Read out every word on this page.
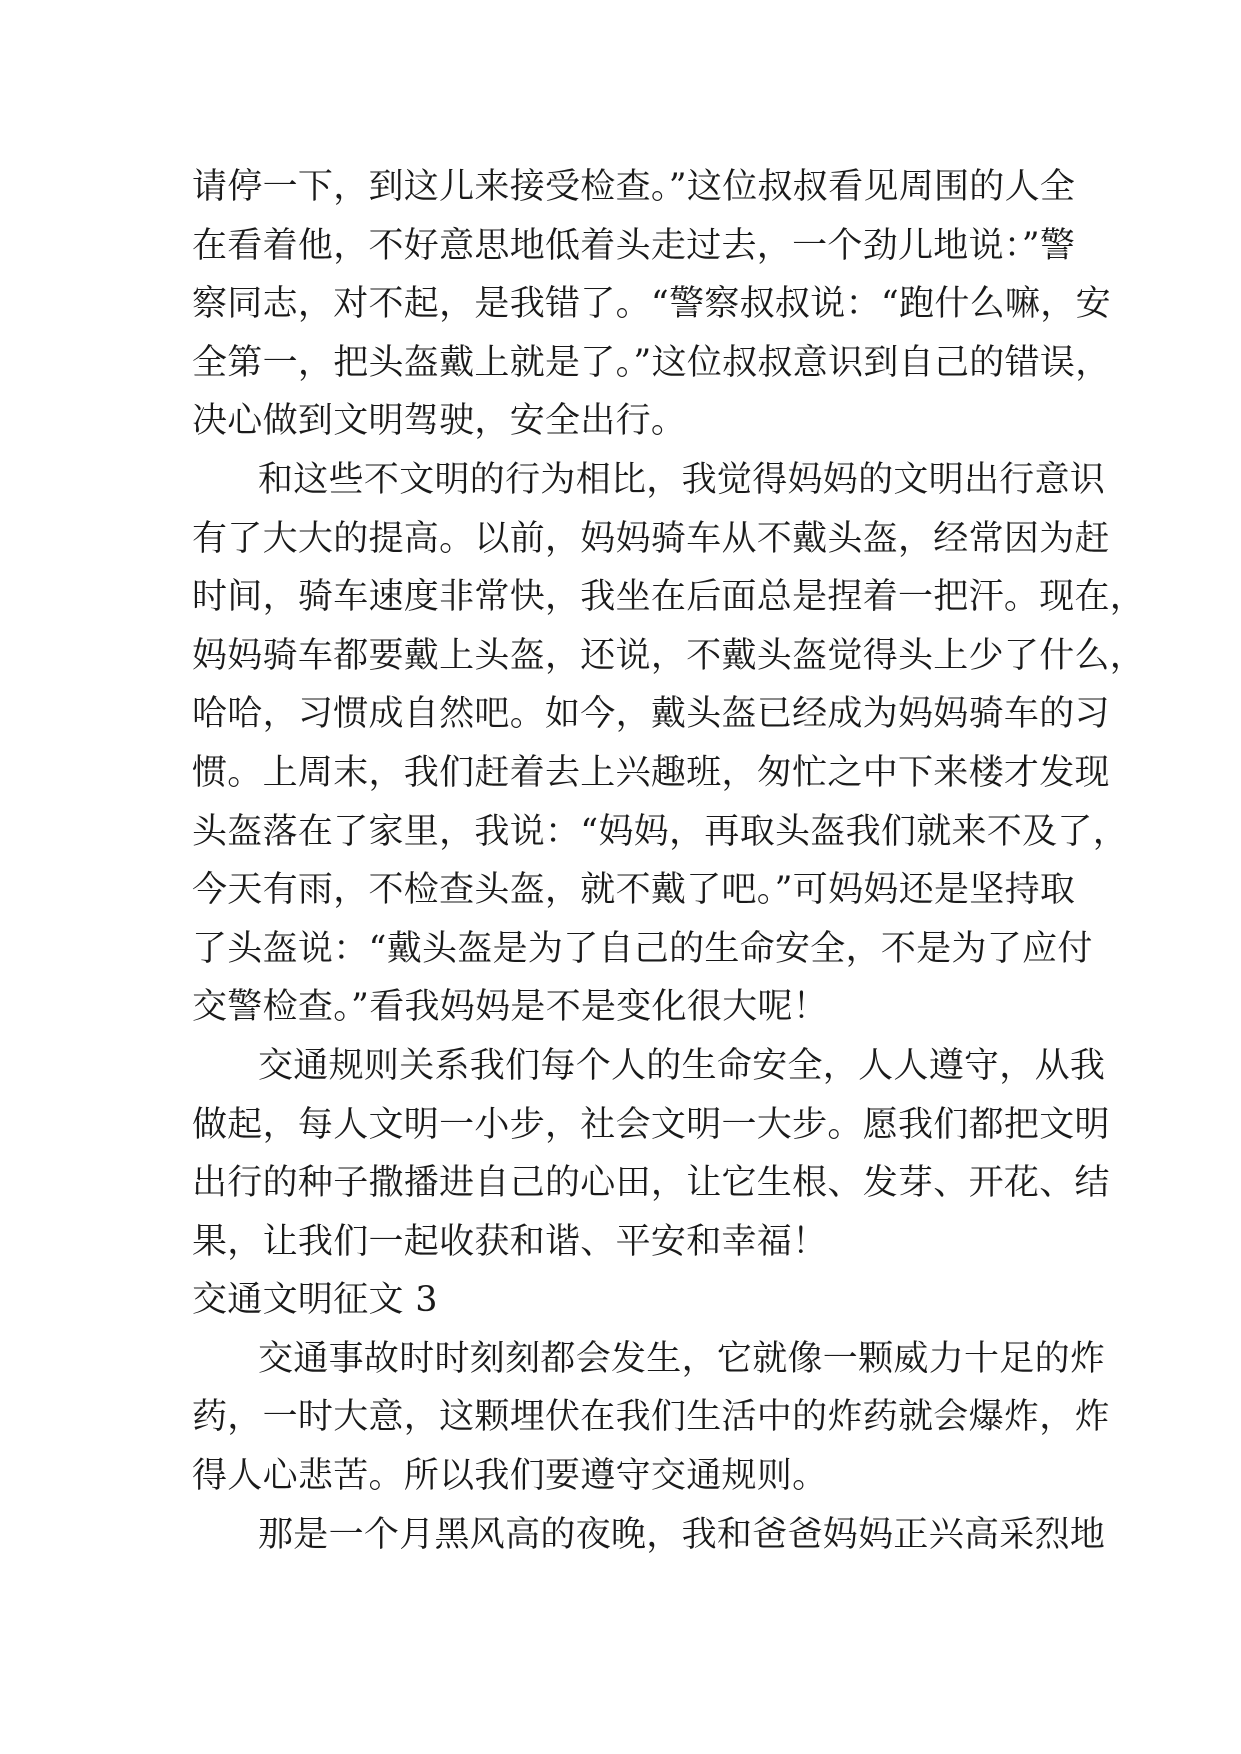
请停一下，到这儿来接受检查。”这位叔叔看见周围的人全
在看着他，不好意思地低着头走过去，一个劲儿地说：”警
察同志，对不起，是我错了。“警察叔叔说：“跑什么嘛，安
全第一，把头盔戴上就是了。”这位叔叔意识到自己的错误，
决心做到文明驾驶，安全出行。
和这些不文明的行为相比，我觉得妈妈的文明出行意识
有了大大的提高。以前，妈妈骑车从不戴头盔，经常因为赶
时间，骑车速度非常快，我坐在后面总是捏着一把汗。现在，
妈妈骑车都要戴上头盔，还说，不戴头盔觉得头上少了什么，
哈哈，习惯成自然吧。如今，戴头盔已经成为妈妈骑车的习
惯。上周末，我们赶着去上兴趣班，匆忙之中下来楼才发现
头盔落在了家里，我说：“妈妈，再取头盔我们就来不及了，
今天有雨，不检查头盔，就不戴了吧。”可妈妈还是坚持取
了头盔说：“戴头盔是为了自己的生命安全，不是为了应付
交警检查。”看我妈妈是不是变化很大呢！
交通规则关系我们每个人的生命安全，人人遵守，从我
做起，每人文明一小步，社会文明一大步。愿我们都把文明
出行的种子撒播进自己的心田，让它生根、发芽、开花、结
果，让我们一起收获和谐、平安和幸福！
交通文明征文 3
交通事故时时刻刻都会发生，它就像一颗威力十足的炸
药，一时大意，这颗埋伏在我们生活中的炸药就会爆炸，炸
得人心悲苦。所以我们要遵守交通规则。
那是一个月黑风高的夜晚，我和爸爸妈妈正兴高采烈地
